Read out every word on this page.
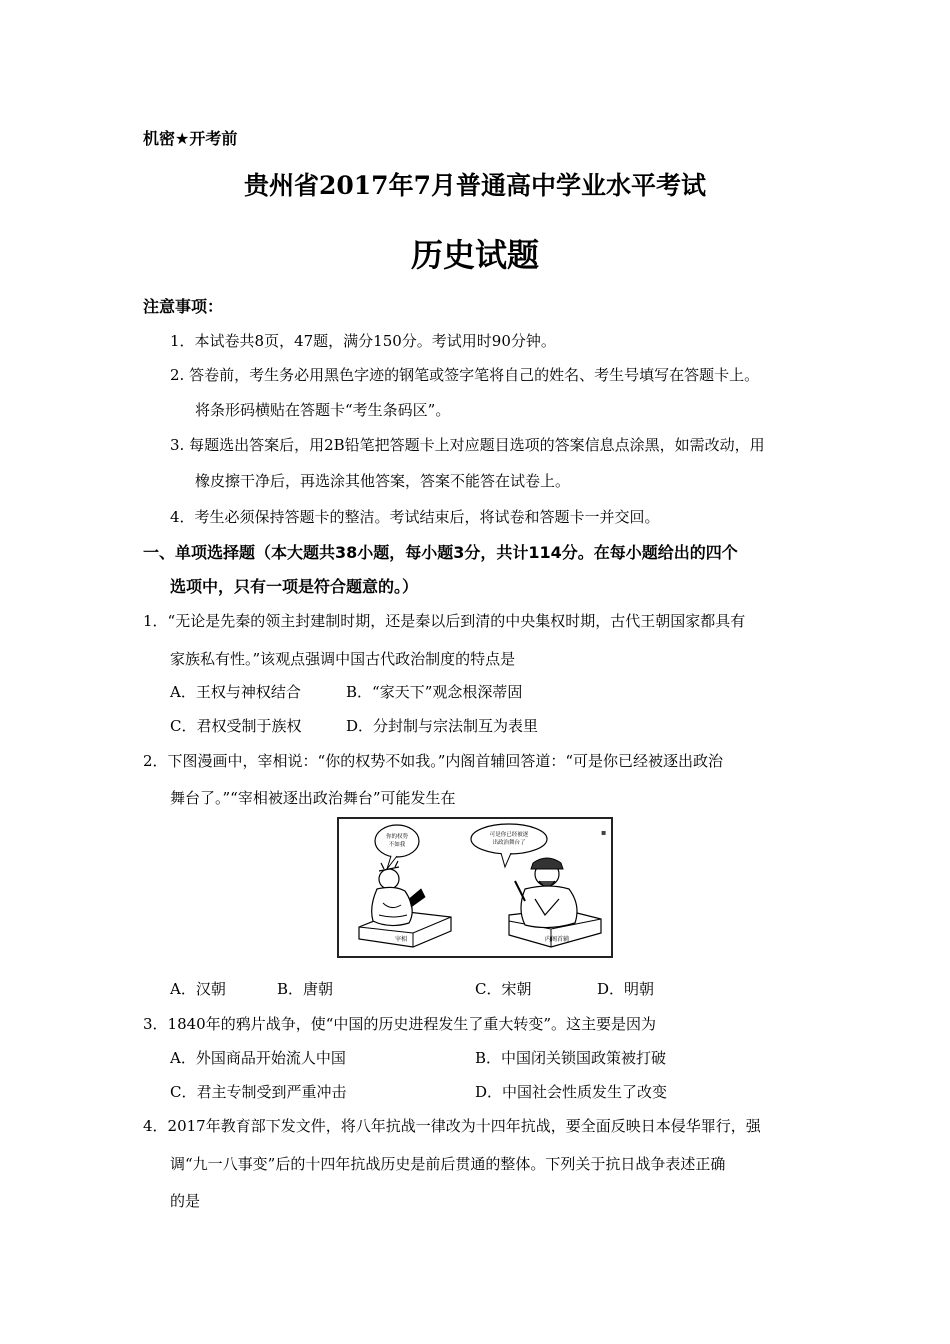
机密★开考前
贵州省2017年7月普通高中学业水平考试
历史试题
注意事项：
1．本试卷共8页，47题，满分150分。考试用时90分钟。
2. 答卷前，考生务必用黑色字迹的钢笔或签字笔将自己的姓名、考生号填写在答题卡上。
将条形码横贴在答题卡“考生条码区”。
3. 每题选出答案后，用2B铅笔把答题卡上对应题目选项的答案信息点涂黑，如需改动，用
橡皮擦干净后，再选涂其他答案，答案不能答在试卷上。
4．考生必须保持答题卡的整洁。考试结束后，将试卷和答题卡一并交回。
一、单项选择题（本大题共38小题，每小题3分，共计114分。在每小题给出的四个
选项中，只有一项是符合题意的。）
1．“无论是先秦的领主封建制时期，还是秦以后到清的中央集权时期，古代王朝国家都具有
家族私有性。”该观点强调中国古代政治制度的特点是
A．王权与神权结合	B．“家天下”观念根深蒂固
C．君权受制于族权	D．分封制与宗法制互为表里
2．下图漫画中，宰相说：“你的权势不如我。”内阁首辅回答道：“可是你已经被逐出政治
舞台了。”“宰相被逐出政治舞台”可能发生在
▪
你的权势
不如我
可是你已经被逐
出政治舞台了
宰相	内阁首辅
A．汉朝	B．唐朝	C．宋朝	D．明朝
3．1840年的鸦片战争，使“中国的历史进程发生了重大转变”。这主要是因为
A．外国商品开始流人中国	B．中国闭关锁国政策被打破
C．君主专制受到严重冲击	D．中国社会性质发生了改变
4．2017年教育部下发文件，将八年抗战一律改为十四年抗战，要全面反映日本侵华罪行，强
调“九一八事变”后的十四年抗战历史是前后贯通的整体。下列关于抗日战争表述正确
的是
